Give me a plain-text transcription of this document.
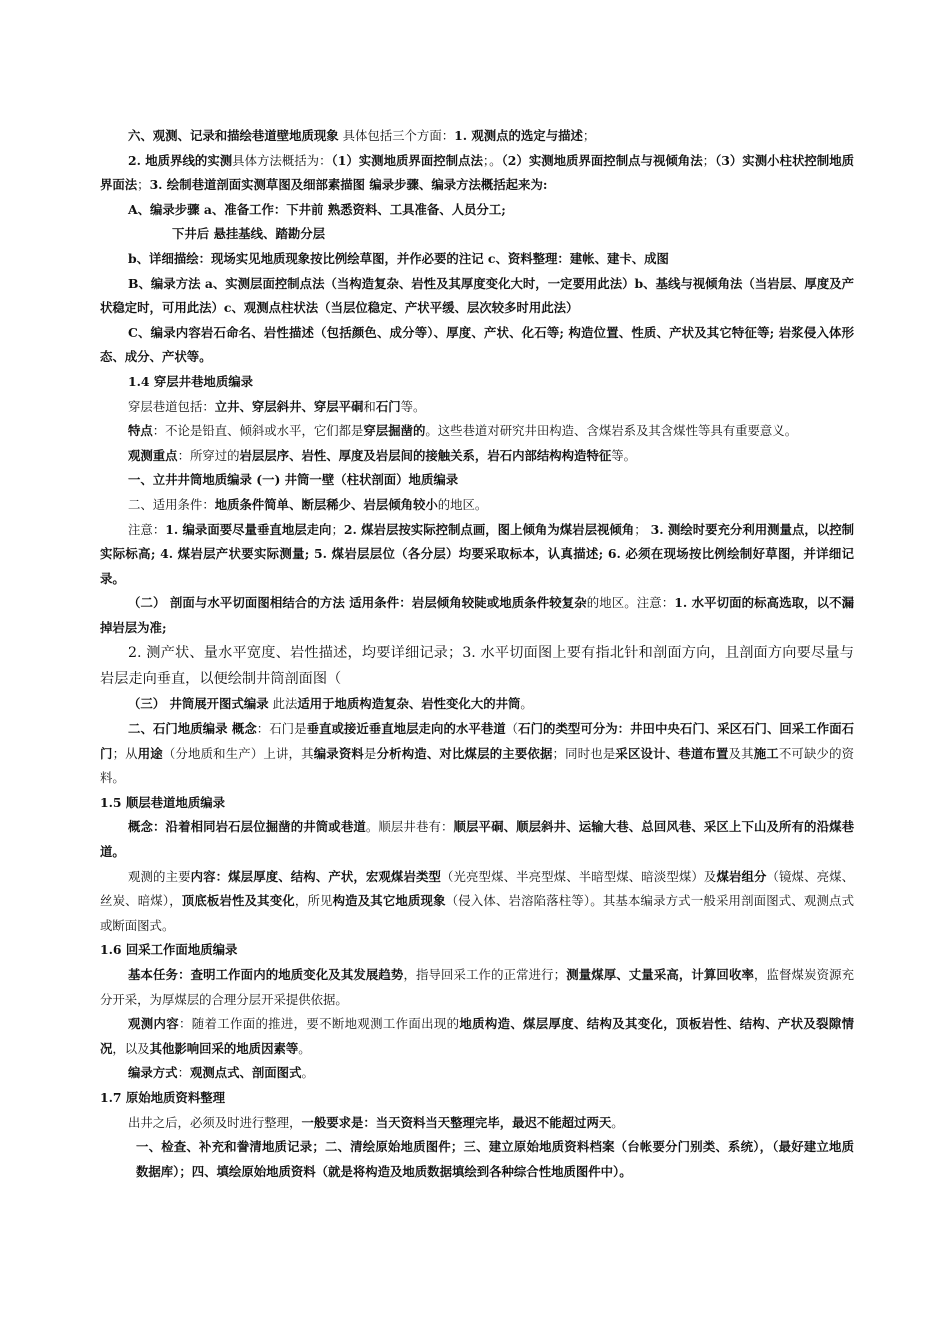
六、观测、记录和描绘巷道壁地质现象 具体包括三个方面：1. 观测点的选定与描述；

2. 地质界线的实测具体方法概括为：（1）实测地质界面控制点法；。（2）实测地质界面控制点与视倾角法；（3）实测小柱状控制地质界面法；3. 绘制巷道剖面实测草图及细部素描图 编录步骤、编录方法概括起来为:

A、编录步骤 a、准备工作：下井前 熟悉资料、工具准备、人员分工;

下井后 悬挂基线、踏勘分层

b、详细描绘：现场实见地质现象按比例绘草图，并作必要的注记 c、资料整理：建帐、建卡、成图

B、编录方法 a、实测层面控制点法（当构造复杂、岩性及其厚度变化大时，一定要用此法）b、基线与视倾角法（当岩层、厚度及产状稳定时，可用此法）c、观测点柱状法（当层位稳定、产状平缓、层次较多时用此法）

C、编录内容岩石命名、岩性描述（包括颜色、成分等）、厚度、产状、化石等; 构造位置、性质、产状及其它特征等; 岩浆侵入体形态、成分、产状等。

1.4 穿层井巷地质编录

穿层巷道包括：立井、穿层斜井、穿层平硐和石门等。

特点：不论是铅直、倾斜或水平，它们都是穿层掘凿的。这些巷道对研究井田构造、含煤岩系及其含煤性等具有重要意义。

观测重点：所穿过的岩层层序、岩性、厚度及岩层间的接触关系，岩石内部结构构造特征等。

一、立井井筒地质编录 (一) 井筒一壁（柱状剖面）地质编录

二、适用条件：地质条件简单、断层稀少、岩层倾角较小的地区。

注意：1. 编录面要尽量垂直地层走向；2. 煤岩层按实际控制点画，图上倾角为煤岩层视倾角； 3. 测绘时要充分利用测量点，以控制实际标高; 4. 煤岩层产状要实际测量; 5. 煤岩层层位（各分层）均要采取标本，认真描述; 6. 必须在现场按比例绘制好草图，并详细记录。

（二） 剖面与水平切面图相结合的方法 适用条件：岩层倾角较陡或地质条件较复杂的地区。注意：1. 水平切面的标高选取，以不漏掉岩层为准;

2. 测产状、量水平宽度、岩性描述，均要详细记录；3. 水平切面图上要有指北针和剖面方向，且剖面方向要尽量与岩层走向垂直，以便绘制井筒剖面图（

（三） 井筒展开图式编录 此法适用于地质构造复杂、岩性变化大的井筒。

二、石门地质编录 概念：石门是垂直或接近垂直地层走向的水平巷道（石门的类型可分为：井田中央石门、采区石门、回采工作面石门；从用途（分地质和生产）上讲，其编录资料是分析构造、对比煤层的主要依据；同时也是采区设计、巷道布置及其施工不可缺少的资料。

1.5 顺层巷道地质编录

概念：沿着相同岩石层位掘凿的井筒或巷道。顺层井巷有：顺层平硐、顺层斜井、运输大巷、总回风巷、采区上下山及所有的沿煤巷道。

观测的主要内容：煤层厚度、结构、产状，宏观煤岩类型（光亮型煤、半亮型煤、半暗型煤、暗淡型煤）及煤岩组分（镜煤、亮煤、丝炭、暗煤），顶底板岩性及其变化，所见构造及其它地质现象（侵入体、岩溶陷落柱等）。其基本编录方式一般采用剖面图式、观测点式或断面图式。

1.6 回采工作面地质编录

基本任务：查明工作面内的地质变化及其发展趋势，指导回采工作的正常进行；测量煤厚、丈量采高，计算回收率，监督煤炭资源充分开采，为厚煤层的合理分层开采提供依据。

观测内容：随着工作面的推进，要不断地观测工作面出现的地质构造、煤层厚度、结构及其变化，顶板岩性、结构、产状及裂隙情况，以及其他影响回采的地质因素等。

编录方式：观测点式、剖面图式。

1.7 原始地质资料整理

出井之后，必须及时进行整理，一般要求是：当天资料当天整理完毕，最迟不能超过两天。

一、检查、补充和誊清地质记录；二、清绘原始地质图件；三、建立原始地质资料档案（台帐要分门别类、系统），（最好建立地质数据库）；四、填绘原始地质资料（就是将构造及地质数据填绘到各种综合性地质图件中）。
